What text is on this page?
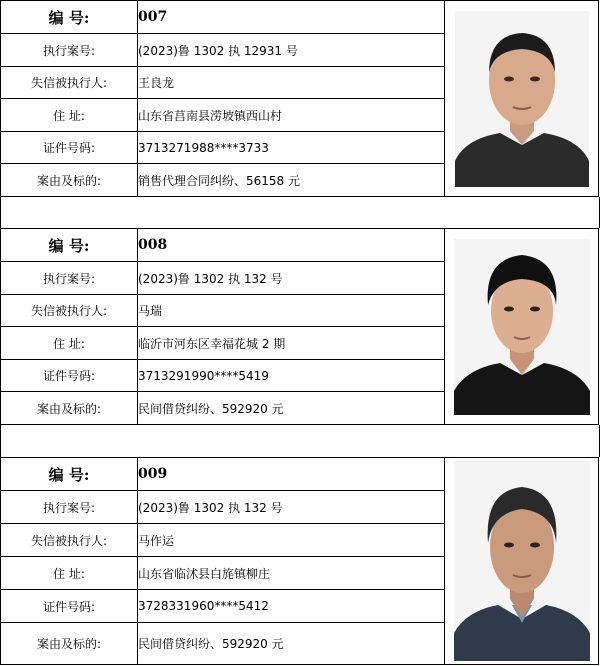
编 号:	007	

执行案号:	(2023)鲁 1302 执 12931 号	
失信被执行人:	王良龙	
住 址:	山东省莒南县涝坡镇西山村	
证件号码:	3713271988****3733	
案由及标的:	销售代理合同纠纷、56158 元	
编 号:	008	

执行案号:	(2023)鲁 1302 执 132 号	
失信被执行人:	马瑞	
住 址:	临沂市河东区幸福花城 2 期	
证件号码:	3713291990****5419	
案由及标的:	民间借贷纠纷、592920 元	
编 号:	009	

执行案号:	(2023)鲁 1302 执 132 号	
失信被执行人:	马作运	
住 址:	山东省临沭县白旄镇柳庄	
证件号码:	3728331960****5412	
案由及标的:	民间借贷纠纷、592920 元	
